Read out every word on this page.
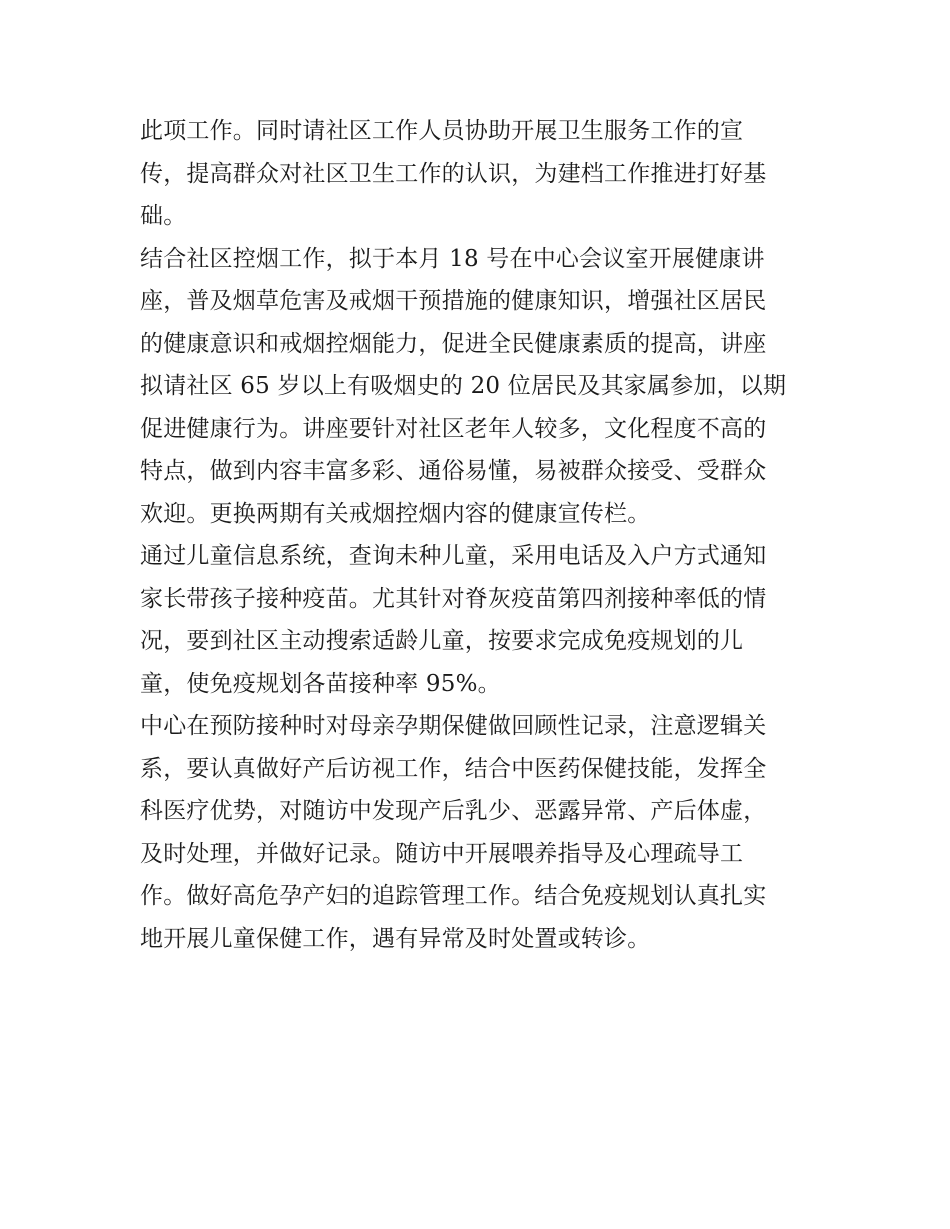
此项工作。同时请社区工作人员协助开展卫生服务工作的宣
传，提高群众对社区卫生工作的认识，为建档工作推进打好基
础。
结合社区控烟工作，拟于本月 18 号在中心会议室开展健康讲
座，普及烟草危害及戒烟干预措施的健康知识，增强社区居民
的健康意识和戒烟控烟能力，促进全民健康素质的提高，讲座
拟请社区 65 岁以上有吸烟史的 20 位居民及其家属参加，以期
促进健康行为。讲座要针对社区老年人较多，文化程度不高的
特点，做到内容丰富多彩、通俗易懂，易被群众接受、受群众
欢迎。更换两期有关戒烟控烟内容的健康宣传栏。
通过儿童信息系统，查询未种儿童，采用电话及入户方式通知
家长带孩子接种疫苗。尤其针对脊灰疫苗第四剂接种率低的情
况，要到社区主动搜索适龄儿童，按要求完成免疫规划的儿
童，使免疫规划各苗接种率 95%。
中心在预防接种时对母亲孕期保健做回顾性记录，注意逻辑关
系，要认真做好产后访视工作，结合中医药保健技能，发挥全
科医疗优势，对随访中发现产后乳少、恶露异常、产后体虚，
及时处理，并做好记录。随访中开展喂养指导及心理疏导工
作。做好高危孕产妇的追踪管理工作。结合免疫规划认真扎实
地开展儿童保健工作，遇有异常及时处置或转诊。
